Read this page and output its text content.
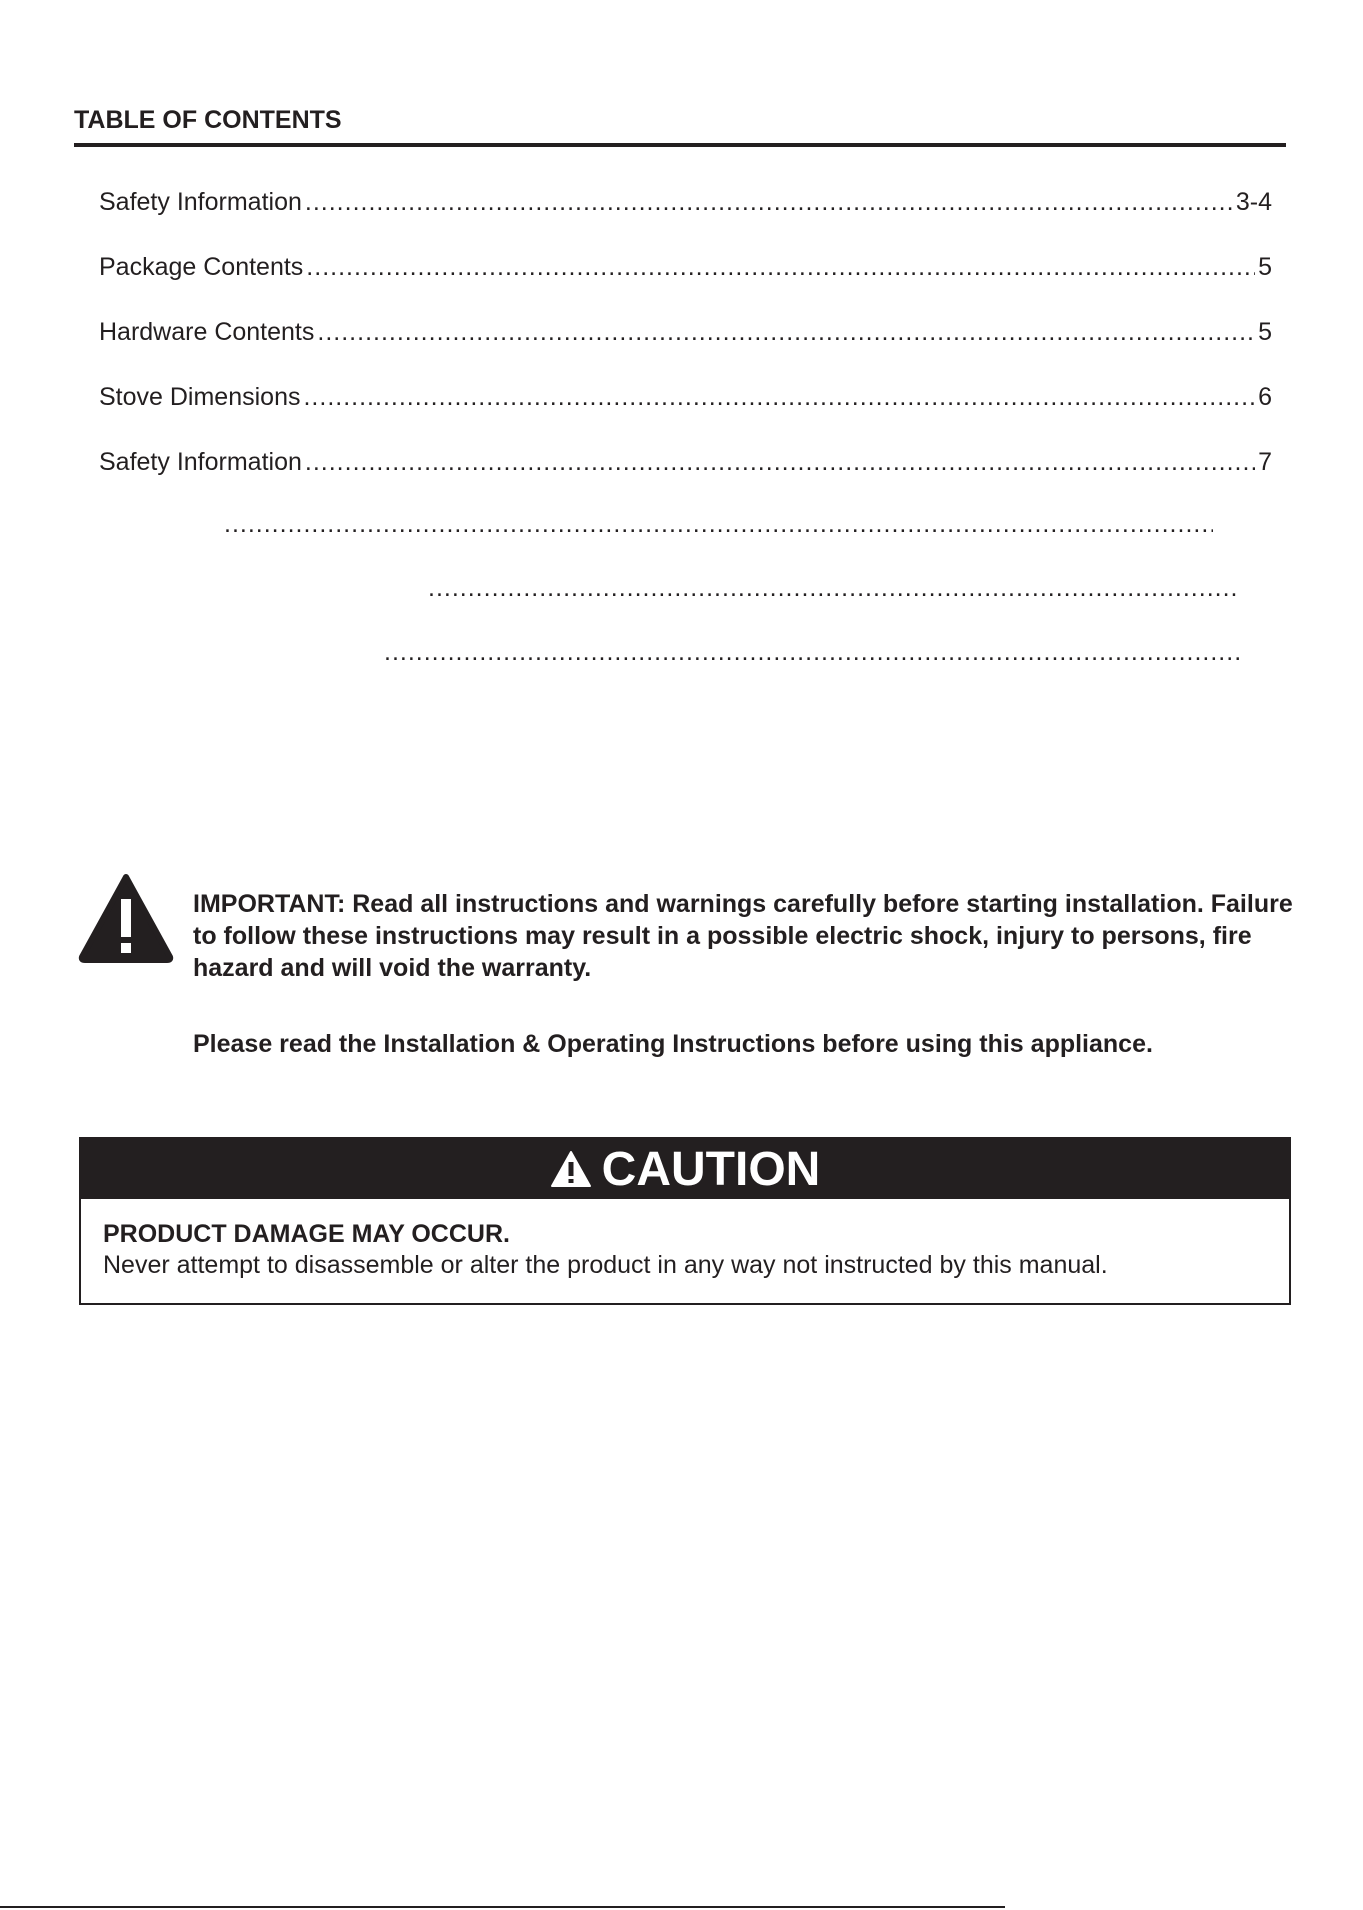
TABLE OF CONTENTS
Safety Information .....	3-4
Package Contents .....	5
Hardware Contents .....	5
Stove Dimensions .....	6
Safety Information .....	7
.....
.....
.....

IMPORTANT: Read all instructions and warnings carefully before starting installation. Failure to follow these instructions may result in a possible electric shock, injury to persons, fire hazard and will void the warranty.

Please read the Installation & Operating Instructions before using this appliance.

CAUTION

PRODUCT DAMAGE MAY OCCUR.

Never attempt to disassemble or alter the product in any way not instructed by this manual.
